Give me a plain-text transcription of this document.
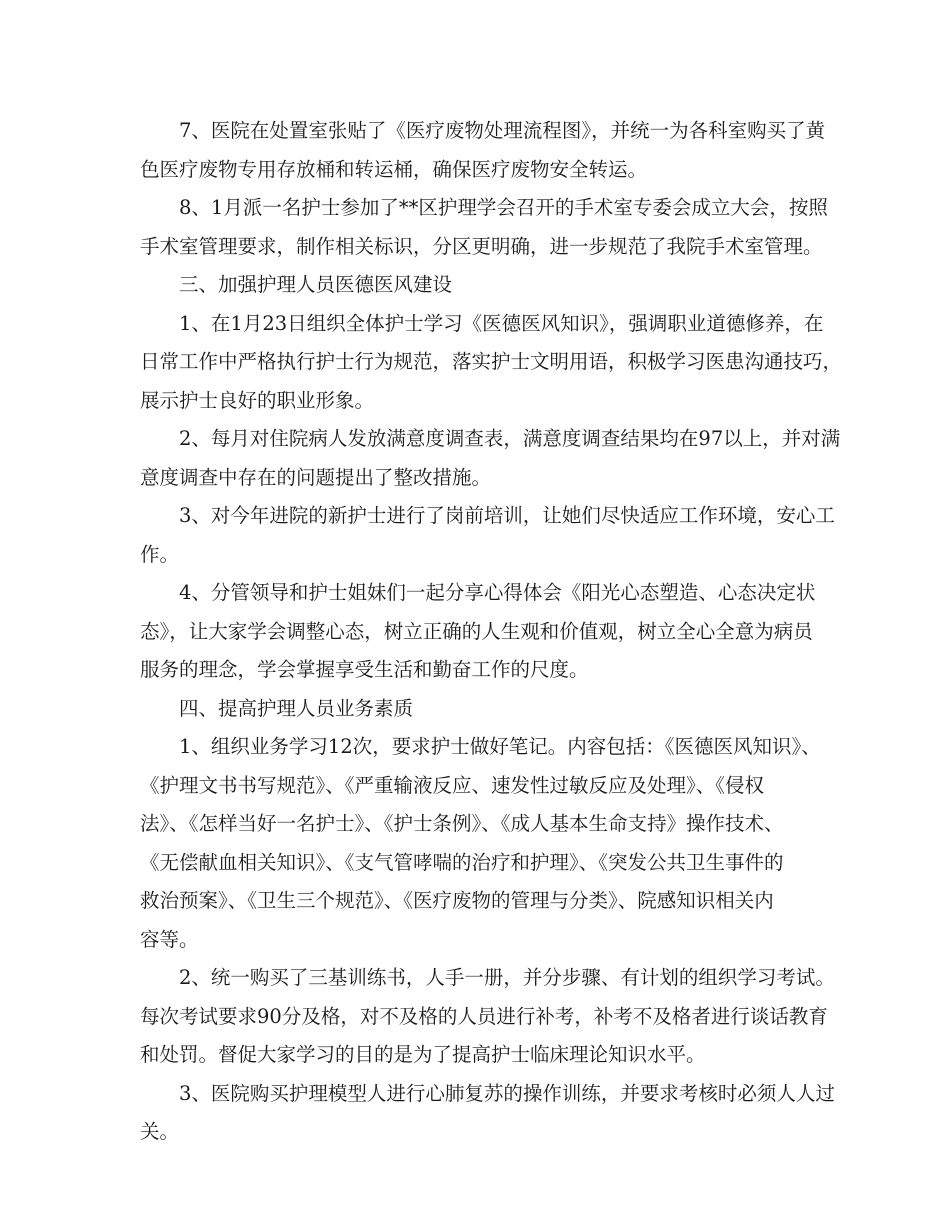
7、医院在处置室张贴了《医疗废物处理流程图》，并统一为各科室购买了黄
色医疗废物专用存放桶和转运桶，确保医疗废物安全转运。
8、1月派一名护士参加了**区护理学会召开的手术室专委会成立大会，按照
手术室管理要求，制作相关标识，分区更明确，进一步规范了我院手术室管理。
三、加强护理人员医德医风建设
1、在1月23日组织全体护士学习《医德医风知识》，强调职业道德修养，在
日常工作中严格执行护士行为规范，落实护士文明用语，积极学习医患沟通技巧，
展示护士良好的职业形象。
2、每月对住院病人发放满意度调查表，满意度调查结果均在97以上，并对满
意度调查中存在的问题提出了整改措施。
3、对今年进院的新护士进行了岗前培训，让她们尽快适应工作环境，安心工
作。
4、分管领导和护士姐妹们一起分享心得体会《阳光心态塑造、心态决定状
态》，让大家学会调整心态，树立正确的人生观和价值观，树立全心全意为病员
服务的理念，学会掌握享受生活和勤奋工作的尺度。
四、提高护理人员业务素质
1、组织业务学习12次，要求护士做好笔记。内容包括：《医德医风知识》、
《护理文书书写规范》、《严重输液反应、速发性过敏反应及处理》、《侵权
法》、《怎样当好一名护士》、《护士条例》、《成人基本生命支持》操作技术、
《无偿献血相关知识》、《支气管哮喘的治疗和护理》、《突发公共卫生事件的
救治预案》、《卫生三个规范》、《医疗废物的管理与分类》、院感知识相关内
容等。
2、统一购买了三基训练书，人手一册，并分步骤、有计划的组织学习考试。
每次考试要求90分及格，对不及格的人员进行补考，补考不及格者进行谈话教育
和处罚。督促大家学习的目的是为了提高护士临床理论知识水平。
3、医院购买护理模型人进行心肺复苏的操作训练，并要求考核时必须人人过
关。
